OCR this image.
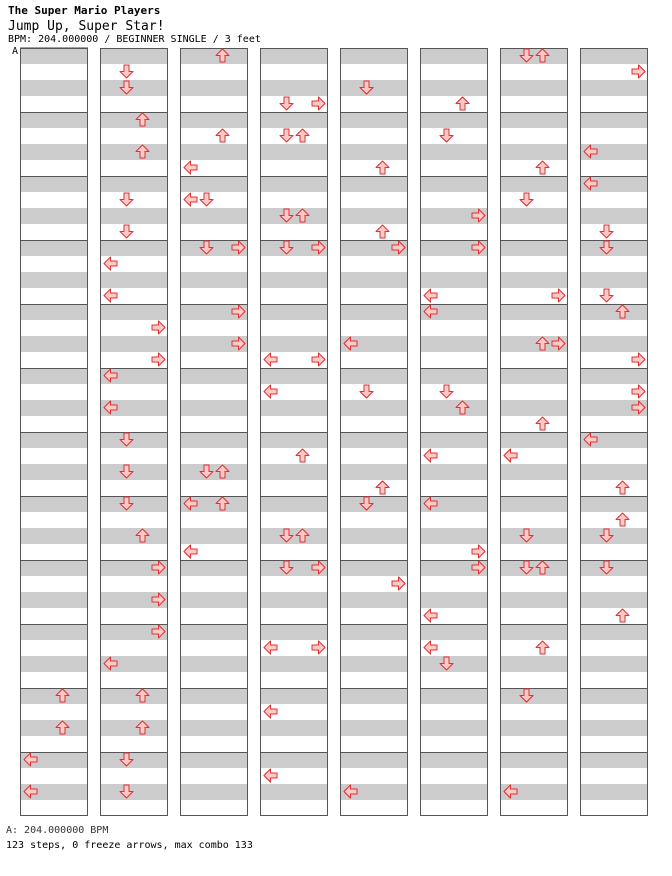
The Super Mario Players
Jump Up, Super Star!
BPM: 204.000000 / BEGINNER SINGLE / 3 feet
A
A: 204.000000 BPM
123 steps, 0 freeze arrows, max combo 133
